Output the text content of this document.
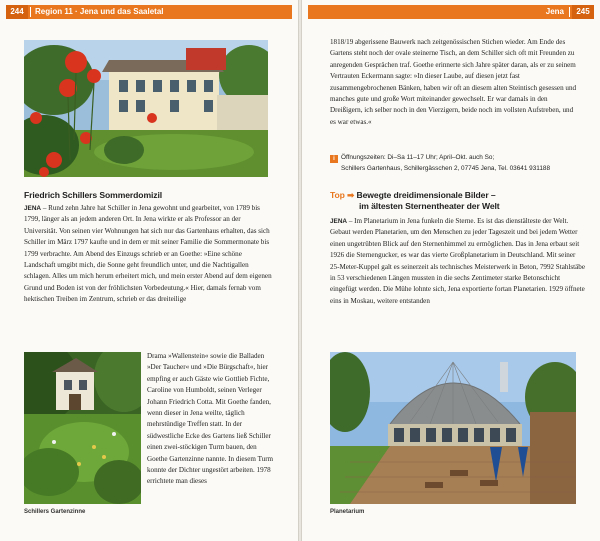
244	Region 11 · Jena und das Saaletal
Friedrich Schillers Sommerdomizil

JENA – Rund zehn Jahre hat Schiller in Jena gewohnt und gearbeitet, von 1789 bis 1799, länger als an jedem anderen Ort. In Jena wirkte er als Professor an der Universität. Von seinen vier Wohnungen hat sich nur das Gartenhaus erhalten, das sich Schiller im März 1797 kaufte und in dem er mit seiner Familie die Sommermonate bis 1799 verbrachte. Am Abend des Einzugs schrieb er an Goethe: »Eine schöne Landschaft umgibt mich, die Sonne geht freundlich unter, und die Nachtigallen schlagen. Alles um mich herum erheitert mich, und mein erster Abend auf dem eigenen Grund und Boden ist von der fröhlichsten Vorbedeutung.« Hier, damals fernab vom hektischen Treiben im Zentrum, schrieb er das dreiteilige

Drama »Wallenstein« sowie die Balladen »Der Taucher« und »Die Bürgschaft«, hier empfing er auch Gäste wie Gottlieb Fichte, Caroline von Humboldt, seinen Verleger Johann Friedrich Cotta. Mit Goethe fanden, wenn dieser in Jena weilte, täglich mehrstündige Treffen statt. In der südwestliche Ecke des Gartens ließ Schiller einen zwei-stöckigen Turm bauen, den Goethe Gartenzinne nannte. In diesem Turm konnte der Dichter ungestört arbeiten. 1978 errichtete man dieses

Schillers Gartenzinne
Jena	245

1818/19 abgerissene Bauwerk nach zeitgenössischen Stichen wieder. Am Ende des Gartens steht noch der ovale steinerne Tisch, an dem Schiller sich oft mit Freunden zu anregenden Gesprächen traf. Goethe erinnerte sich Jahre später daran, als er zu seinem Vertrauten Eckermann sagte: »In dieser Laube, auf diesen jetzt fast zusammengebrochenen Bänken, haben wir oft an diesem alten Steintisch gesessen und manches gute und große Wort miteinander gewechselt. Er war damals in den Dreißigern, ich selber noch in den Vierzigern, beide noch im vollsten Aufstreben, und es war etwas.«

i Öffnungszeiten: Di–Sa 11–17 Uhr; April–Okt. auch So;
Schillers Gartenhaus, Schillergässchen 2, 07745 Jena, Tel. 03641 931188
Top ➡ Bewegte dreidimensionale Bilder –
im ältesten Sternentheater der Welt

JENA – Im Planetarium in Jena funkeln die Sterne. Es ist das dienstälteste der Welt. Gebaut werden Planetarien, um den Menschen zu jeder Tageszeit und bei jedem Wetter einen ungetrübten Blick auf den Sternenhimmel zu ermöglichen. Das in Jena erbaut seit 1926 die Sternengucker, es war das vierte Großplanetarium in Deutschland. Mit seiner 25-Meter-Kuppel galt es seinerzeit als technisches Meisterwerk in Beton, 7992 Stahlstäbe in 53 verschiedenen Längen mussten in die sechs Zentimeter starke Betonschicht eingefügt werden. Die Mühe lohnte sich, Jena exportierte fortan Planetarien. 1929 öffnete eins in Moskau, weitere entstanden

Planetarium
